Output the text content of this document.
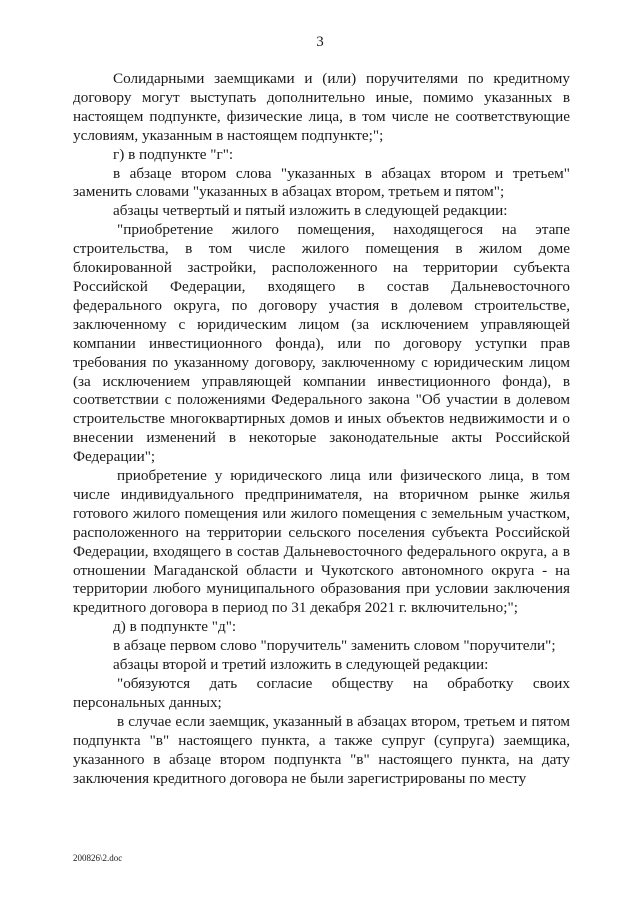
3

Солидарными заемщиками и (или) поручителями по кредитному договору могут выступать дополнительно иные, помимо указанных в настоящем подпункте, физические лица, в том числе не соответствующие условиям, указанным в настоящем подпункте;";

г) в подпункте "г":

в абзаце втором слова "указанных в абзацах втором и третьем" заменить словами "указанных в абзацах втором, третьем и пятом";

абзацы четвертый и пятый изложить в следующей редакции:

"приобретение жилого помещения, находящегося на этапе строительства, в том числе жилого помещения в жилом доме блокированной застройки, расположенного на территории субъекта Российской Федерации, входящего в состав Дальневосточного федерального округа, по договору участия в долевом строительстве, заключенному с юридическим лицом (за исключением управляющей компании инвестиционного фонда), или по договору уступки прав требования по указанному договору, заключенному с юридическим лицом (за исключением управляющей компании инвестиционного фонда), в соответствии с положениями Федерального закона "Об участии в долевом строительстве многоквартирных домов и иных объектов недвижимости и о внесении изменений в некоторые законодательные акты Российской Федерации";

приобретение у юридического лица или физического лица, в том числе индивидуального предпринимателя, на вторичном рынке жилья готового жилого помещения или жилого помещения с земельным участком, расположенного на территории сельского поселения субъекта Российской Федерации, входящего в состав Дальневосточного федерального округа, а в отношении Магаданской области и Чукотского автономного округа - на территории любого муниципального образования при условии заключения кредитного договора в период по 31 декабря 2021 г. включительно;";

д) в подпункте "д":

в абзаце первом слово "поручитель" заменить словом "поручители";

абзацы второй и третий изложить в следующей редакции:

"обязуются дать согласие обществу на обработку своих персональных данных;

в случае если заемщик, указанный в абзацах втором, третьем и пятом подпункта "в" настоящего пункта, а также супруг (супруга) заемщика, указанного в абзаце втором подпункта "в" настоящего пункта, на дату заключения кредитного договора не были зарегистрированы по месту

200826\2.doc
